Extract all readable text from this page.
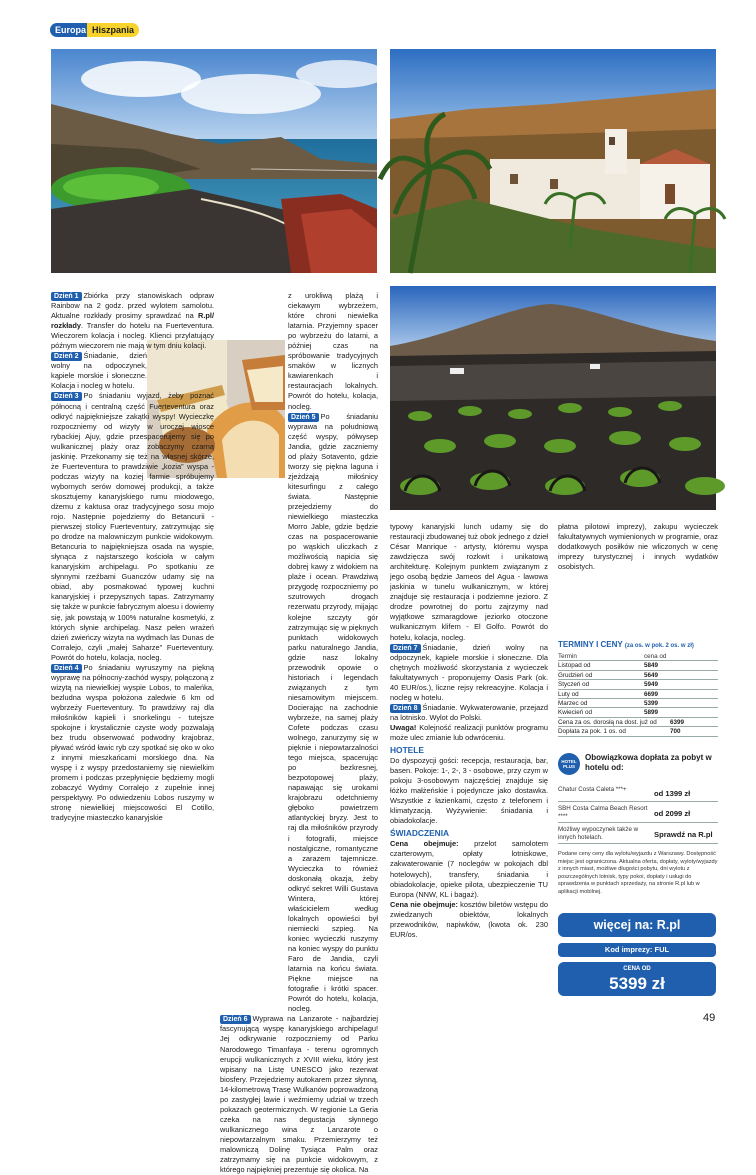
Europa Hiszpania

Dzień 1 Zbiórka przy stanowiskach odpraw Rainbow na 2 godz. przed wylotem samolotu. Aktualne rozkłady prosimy sprawdzać na R.pl/ rozkłady. Transfer do hotelu na Fuerteventura. Wieczorem kolacja i nocleg. Klienci przylatujący późnym wieczorem nie mają w tym dniu kolacji.

Dzień 2 Śniadanie, dzień wolny na odpoczynek, kąpiele morskie i słoneczne. Kolacja i nocleg w hotelu.

Dzień 3 Po śniadaniu wyjazd, żeby poznać północną i centralną część Fuerteventura oraz odkryć najpiękniejsze zakątki wyspy! Wycieczkę rozpoczniemy od wizyty w uroczej wiosce rybackiej Ajuy, gdzie przespacerujemy się po wulkanicznej plaży oraz zobaczymy czarną jaskinię. Przekonamy się też na własnej skórze, że Fuerteventura to prawdziwie „kozia” wyspa - podczas wizyty na koziej farmie spróbujemy wybornych serów domowej produkcji, a także skosztujemy kanaryjskiego rumu miodowego, dżemu z kaktusa oraz tradycyjnego sosu mojo rojo. Następnie pojedziemy do Betancurii - pierwszej stolicy Fuerteventury, zatrzymując się po drodze na malowniczym punkcie widokowym. Betancuria to najpiękniejsza osada na wyspie, słynąca z najstarszego kościoła w całym kanaryjskim archipelagu. Po spotkaniu ze słynnymi rzeźbami Guanczów udamy się na obiad, aby posmakować typowej kuchni kanaryjskiej i przepysznych tapas. Zatrzymamy się także w punkcie fabrycznym aloesu i dowiemy się, jak powstają w 100% naturalne kosmetyki, z których słynie archipelag. Nasz pełen wrażeń dzień zwieńczy wizyta na wydmach las Dunas de Corralejo, czyli „małej Saharze” Fuerteventury. Powrót do hotelu, kolacja, nocleg.

Dzień 4 Po śniadaniu wyruszymy na piękną wyprawę na północny-zachód wyspy, połączoną z wizytą na niewielkiej wyspie Lobos, to maleńka, bezludna wyspa położona zaledwie 6 km od wybrzeży Fuerteventury. To prawdziwy raj dla miłośników kąpieli i snorkelingu - tutejsze spokojne i krystalicznie czyste wody pozwalają bez trudu obserwować podwodny krajobraz, pływać wśród ławic ryb czy spotkać się oko w oko z innymi mieszkańcami morskiego dna. Na wyspę i z wyspy przedostaniemy się niewielkim promem i podczas przepłynięcie będziemy mogli zobaczyć Wydmy Corralejo z zupełnie innej perspektywy. Po odwiedzeniu Lobos ruszymy w stronę niewielkiej miejscowości El Cotillo, tradycyjne miasteczko kanaryjskie

z urokliwą plażą i ciekawym wybrzeżem, które chroni niewielka latarnia. Przyjemny spacer po wybrzeżu do latarni, a później czas na spróbowanie tradycyjnych smaków w licznych kawiarenkach i restauracjach lokalnych. Powrót do hotelu, kolacja, nocleg.

Dzień 5 Po śniadaniu wyprawa na południową część wyspy, półwysep Jandia, gdzie zaczniemy od plaży Sotavento, gdzie tworzy się piękna laguna i zjeżdżają miłośnicy kitesurfingu z całego świata. Następnie przejedziemy do niewielkiego miasteczka Morro Jable, gdzie będzie czas na pospacerowanie po wąskich uliczkach z możliwością napicia się dobrej kawy z widokiem na plaże i ocean. Prawdziwą przygodę rozpoczniemy po szutrowych drogach rezerwatu przyrody, mijając kolejne szczyty gór zatrzymując się w pięknych punktach widokowych parku naturalnego Jandia, gdzie nasz lokalny przewodnik opowie o historiach i legendach związanych z tym niesamowitym miejscem. Docierając na zachodnie wybrzeże, na samej plaży Cofete podczas czasu wolnego, zanurzymy się w pięknie i niepowtarzalności tego miejsca, spacerując po bezkresnej, bezpotopowej plaży, napawając się urokami krajobrazu odetchniemy głęboko powietrzem atlantyckiej bryzy. Jest to raj dla miłośników przyrody i fotografii, miejsce nostalgiczne, romantyczne a zarazem tajemnicze. Wycieczka to również doskonałą okazja, żeby odkryć sekret Willi Gustava Wintera, której właścicielem według lokalnych opowieści był niemiecki szpieg. Na koniec wycieczki ruszymy na koniec wyspy do punktu Faro de Jandia, czyli latarnia na końcu świata. Piękne miejsce na fotografie i krótki spacer. Powrót do hotelu, kolacja, nocleg.

Dzień 6 Wyprawa na Lanzarote - najbardziej fascynującą wyspę kanaryjskiego archipelagu! Jej odkrywanie rozpoczniemy od Parku Narodowego Timanfaya - terenu ogromnych erupcji wulkanicznych z XVIII wieku, który jest wpisany na Listę UNESCO jako rezerwat biosfery. Przejedziemy autokarem przez słynną, 14-kilometrową Trasę Wulkanów poprowadzoną po zastygłej lawie i weźmiemy udział w trzech pokazach geotermicznych. W regionie La Geria czeka na nas degustacja słynnego wulkanicznego wina z Lanzarote o niepowtarzalnym smaku. Przemierzymy też malowniczą Dolinę Tysiąca Palm oraz zatrzymamy się na punkcie widokowym, z którego najpiękniej prezentuje się okolica. Na

typowy kanaryjski lunch udamy się do restauracji zbudowanej tuż obok jednego z dzieł César Manrique - artysty, któremu wyspa zawdzięcza swój rozkwit i unikatową architekturę. Kolejnym punktem związanym z jego osobą będzie Jameos del Agua - lawowa jaskinia w tunelu wulkanicznym, w której znajduje się restauracja i podziemne jezioro. Z drodze powrotnej do portu zajrzymy nad wyjątkowe szmaragdowe jeziorko otoczone wulkanicznym klifem - El Golfo. Powrót do hotelu, kolacja, nocleg.

Dzień 7 Śniadanie, dzień wolny na odpoczynek, kąpiele morskie i słoneczne. Dla chętnych możliwość skorzystania z wycieczek fakultatywnych - proponujemy Oasis Park (ok. 40 EUR/os.), liczne rejsy rekreacyjne. Kolacja i nocleg w hotelu.

Dzień 8 Śniadanie. Wykwaterowanie, przejazd na lotnisko. Wylot do Polski.

Uwaga! Kolejność realizacji punktów programu może ulec zmianie lub odwróceniu.

HOTELE

Do dyspozycji gości: recepcja, restauracja, bar, basen. Pokoje: 1-, 2-, 3 - osobowe, przy czym w pokoju 3-osobowym najczęściej znajduje się łóżko małżeńskie i pojedyncze jako dostawka. Wszystkie z łazienkami, często z telefonem i klimatyzacją. Wyżywienie: śniadania i obiadokolacje.

ŚWIADCZENIA

Cena obejmuje: przelot samolotem czarterowym, opłaty lotniskowe, zakwaterowanie (7 noclegów w pokojach dbl hotelowych), transfery, śniadania i obiadokolacje, opieke pilota, ubezpieczenie TU Europa (NNW, KL i bagaż).

Cena nie obejmuje: kosztów biletów wstępu do zwiedzanych obiektów, lokalnych przewodników, napiwków, (kwota ok. 230 EUR/os.

płatna pilotowi imprezy), zakupu wycieczek fakultatywnych wymienionych w programie, oraz dodatkowych posiłków nie wliczonych w cenę imprezy turystycznej i innych wydatków osobistych.

TERMINY I CENY (za os. w pok. 2 os. w zł)
Termin	cena od
Listopad od	5849
Grudzień od	5649
Styczeń od	5949
Luty od	6699
Marzec od	5399
Kwiecień od	5899
Cena za os. dorosłą na dost. już od	6399
Dopłata za pok. 1 os. od	700
HOTEL PLUS
Obowiązkowa dopłata za pobyt w hotelu od:
Chatur Costa Caleta ***+	od 1399 zł
SBH Costa Calma Beach Resort ****	od 2099 zł
Możliwy wypoczynek także w innych hotelach.	Sprawdź na R.pl
Podane ceny ceny dla wylotu/wyjazdu z Warszawy. Dostępność miejsc jest ograniczona. Aktualna oferta, dopłaty, wyloty/wyjazdy z innych miast, możliwe długości pobytu, dni wylotu z poszczególnych lotnisk, typy pokoi, dopłaty i usługi do sprawdzenia w punktach sprzedaży, na stronie R.pl lub w aplikacji mobilnej.
więcej na: R.pl
Kod imprezy: FUL
CENA OD
5399 zł
49
